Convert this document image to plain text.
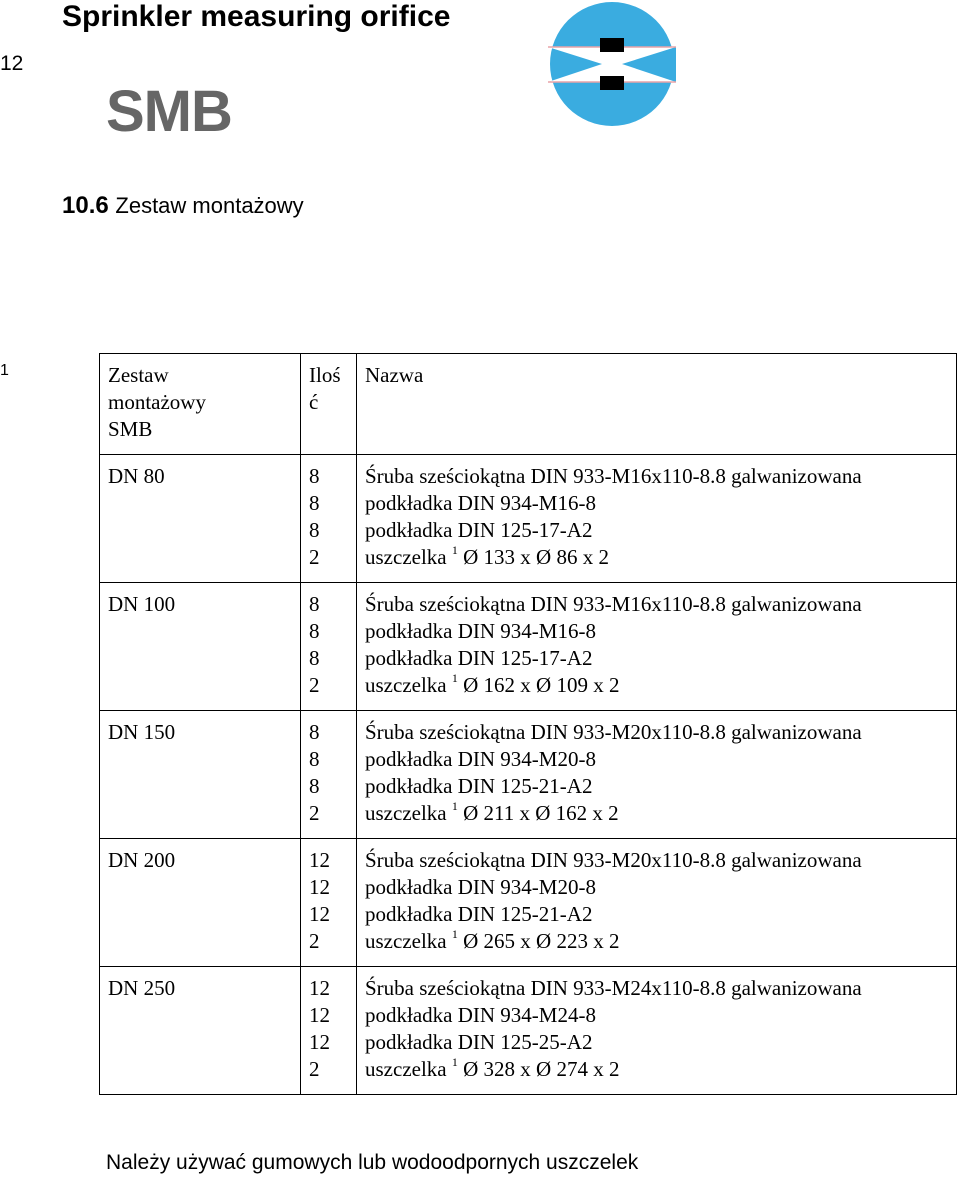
12
Sprinkler measuring orifice
SMB
10.6 Zestaw montażowy
1	Zestaw
montażowy
SMB	Iloś
ć	Nazwa
DN 80	8
8
8
2	Śruba sześciokątna DIN 933-M16x110-8.8 galwanizowana
podkładka DIN 934-M16-8
podkładka DIN 125-17-A2
uszczelka $^1$ Ø 133 x Ø 86 x 2

DN 100	8
8
8
2	Śruba sześciokątna DIN 933-M16x110-8.8 galwanizowana
podkładka DIN 934-M16-8
podkładka DIN 125-17-A2
uszczelka $^1$ Ø 162 x Ø 109 x 2

DN 150	8
8
8
2	Śruba sześciokątna DIN 933-M20x110-8.8 galwanizowana
podkładka DIN 934-M20-8
podkładka DIN 125-21-A2
uszczelka $^1$ Ø 211 x Ø 162 x 2

DN 200	12
12
12
2	Śruba sześciokątna DIN 933-M20x110-8.8 galwanizowana
podkładka DIN 934-M20-8
podkładka DIN 125-21-A2
uszczelka $^1$ Ø 265 x Ø 223 x 2

DN 250	12
12
12
2	Śruba sześciokątna DIN 933-M24x110-8.8 galwanizowana
podkładka DIN 934-M24-8
podkładka DIN 125-25-A2
uszczelka $^1$ Ø 328 x Ø 274 x 2

Należy używać gumowych lub wodoodpornych uszczelek
